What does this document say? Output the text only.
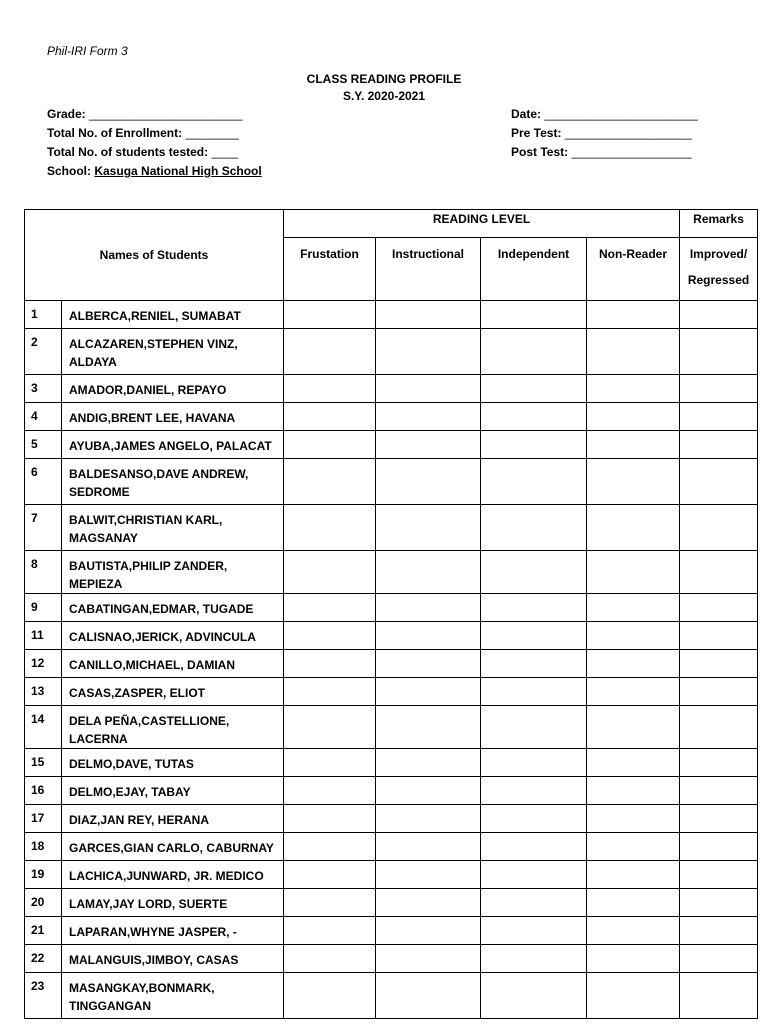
Phil-IRI Form 3
CLASS READING PROFILE
S.Y. 2020-2021
Grade: _______________________
Total No. of Enrollment: ________
Total No. of students tested: ____
School: Kasuga National High School
Date: _______________________
Pre Test: ___________________
Post Test: __________________
Names of Students		READING LEVEL				Remarks
		Frustation	Instructional	Independent	Non-Reader	Improved/
Regressed

1	ALBERCA,RENIEL, SUMABAT					
2	ALCAZAREN,STEPHEN VINZ, ALDAYA					
3	AMADOR,DANIEL, REPAYO					
4	ANDIG,BRENT LEE, HAVANA					
5	AYUBA,JAMES ANGELO, PALACAT					
6	BALDESANSO,DAVE ANDREW, SEDROME					
7	BALWIT,CHRISTIAN KARL, MAGSANAY					
8	BAUTISTA,PHILIP ZANDER, MEPIEZA					
9	CABATINGAN,EDMAR, TUGADE					
11	CALISNAO,JERICK, ADVINCULA					
12	CANILLO,MICHAEL, DAMIAN					
13	CASAS,ZASPER, ELIOT					
14	DELA PEÑA,CASTELLIONE, LACERNA					
15	DELMO,DAVE, TUTAS					
16	DELMO,EJAY, TABAY					
17	DIAZ,JAN REY, HERANA					
18	GARCES,GIAN CARLO, CABURNAY					
19	LACHICA,JUNWARD, JR. MEDICO					
20	LAMAY,JAY LORD, SUERTE					
21	LAPARAN,WHYNE JASPER, -					
22	MALANGUIS,JIMBOY, CASAS					
23	MASANGKAY,BONMARK, TINGGANGAN					
